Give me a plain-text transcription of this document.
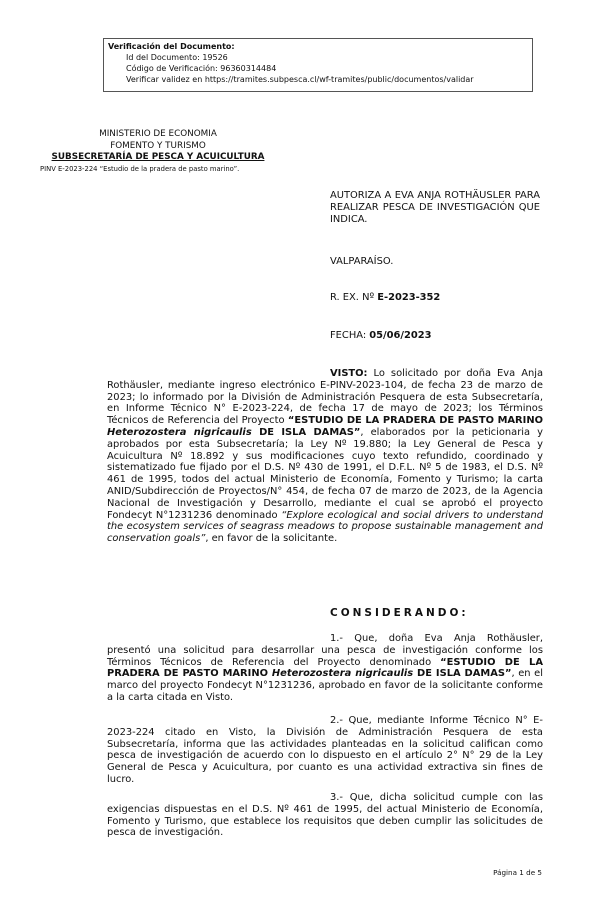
Verificación del Documento:
• Id del Documento: 19526
• Código de Verificación: 96360314484
• Verificar validez en https://tramites.subpesca.cl/wf-tramites/public/documentos/validar
MINISTERIO DE ECONOMIA
FOMENTO Y TURISMO
SUBSECRETARÍA DE PESCA Y ACUICULTURA
PINV E-2023-224 “Estudio de la pradera de pasto marino”.
AUTORIZA A EVA ANJA ROTHÄUSLER PARA REALIZAR PESCA DE INVESTIGACIÓN QUE INDICA.
VALPARAÍSO.
R. EX. Nº E-2023-352
FECHA: 05/06/2023
VISTO: Lo solicitado por doña Eva Anja Rothäusler, mediante ingreso electrónico E-PINV-2023-104, de fecha 23 de marzo de 2023; lo informado por la División de Administración Pesquera de esta Subsecretaría, en Informe Técnico N° E-2023-224, de fecha 17 de mayo de 2023; los Términos Técnicos de Referencia del Proyecto “ESTUDIO DE LA PRADERA DE PASTO MARINO Heterozostera nigricaulis DE ISLA DAMAS”, elaborados por la peticionaria y aprobados por esta Subsecretaría; la Ley Nº 19.880; la Ley General de Pesca y Acuicultura Nº 18.892 y sus modificaciones cuyo texto refundido, coordinado y sistematizado fue fijado por el D.S. Nº 430 de 1991, el D.F.L. Nº 5 de 1983, el D.S. Nº 461 de 1995, todos del actual Ministerio de Economía, Fomento y Turismo; la carta ANID/Subdirección de Proyectos/N° 454, de fecha 07 de marzo de 2023, de la Agencia Nacional de Investigación y Desarrollo, mediante el cual se aprobó el proyecto Fondecyt N°1231236 denominado “Explore ecological and social drivers to understand the ecosystem services of seagrass meadows to propose sustainable management and conservation goals”, en favor de la solicitante.
CONSIDERANDO:
1.- Que, doña Eva Anja Rothäusler, presentó una solicitud para desarrollar una pesca de investigación conforme los Términos Técnicos de Referencia del Proyecto denominado “ESTUDIO DE LA PRADERA DE PASTO MARINO Heterozostera nigricaulis DE ISLA DAMAS”, en el marco del proyecto Fondecyt N°1231236, aprobado en favor de la solicitante conforme a la carta citada en Visto.
2.- Que, mediante Informe Técnico N° E-2023-224 citado en Visto, la División de Administración Pesquera de esta Subsecretaría, informa que las actividades planteadas en la solicitud califican como pesca de investigación de acuerdo con lo dispuesto en el artículo 2° N° 29 de la Ley General de Pesca y Acuicultura, por cuanto es una actividad extractiva sin fines de lucro.
3.- Que, dicha solicitud cumple con las exigencias dispuestas en el D.S. Nº 461 de 1995, del actual Ministerio de Economía, Fomento y Turismo, que establece los requisitos que deben cumplir las solicitudes de pesca de investigación.
Página 1 de 5
